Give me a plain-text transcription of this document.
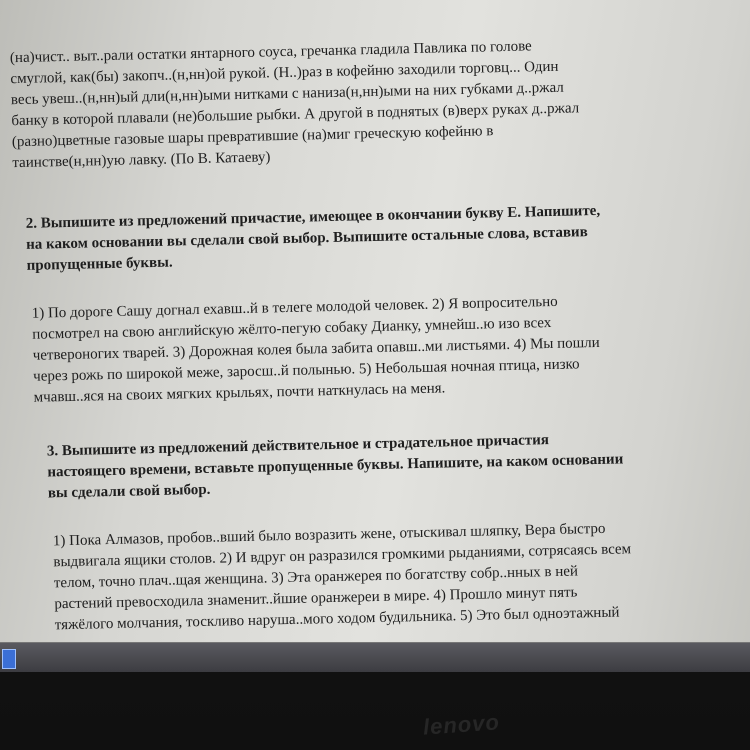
(на)чист.. выт..рали остатки янтарного соуса, гречанка гладила Павлика по голове
смуглой, как(бы) закопч..(н,нн)ой рукой. (Н..)раз в кофейню заходили торговц... Один
весь увеш..(н,нн)ый дли(н,нн)ыми нитками с нанизa(н,нн)ыми на них губками д..ржал
банку в которой плавали (не)большие рыбки. А другой в поднятых (в)верх руках д..ржал
(разно)цветные газовые шары превратившие (на)миг греческую кофейню в
таинстве(н,нн)ую лавку. (По В. Катаеву)
2. Выпишите из предложений причастие, имеющее в окончании букву Е. Напишите,
на каком основании вы сделали свой выбор. Выпишите остальные слова, вставив
пропущенные буквы.
1) По дороге Сашу догнал ехавш..й в телеге молодой человек. 2) Я вопросительно
посмотрел на свою английскую жёлто-пегую собаку Дианку, умнейш..ю изо всех
четвероногих тварей. 3) Дорожная колея была забита опавш..ми листьями. 4) Мы пошли
через рожь по широкой меже, заросш..й полынью. 5) Небольшая ночная птица, низко
мчавш..яся на своих мягких крыльях, почти наткнулась на меня.
3. Выпишите из предложений действительное и страдательное причастия
настоящего времени, вставьте пропущенные буквы. Напишите, на каком основании
вы сделали свой выбор.
1) Пока Алмазов, пробов..вший было возразить жене, отыскивал шляпку, Вера быстро
выдвигала ящики столов. 2) И вдруг он разразился громкими рыданиями, сотрясаясь всем
телом, точно плач..щая женщина. 3) Эта оранжерея по богатству собр..нных в ней
растений превосходила знаменит..йшие оранжереи в мире. 4) Прошло минут пять
тяжёлого молчания, тоскливо наруша..мого ходом будильника. 5) Это был одноэтажный
lenovo
